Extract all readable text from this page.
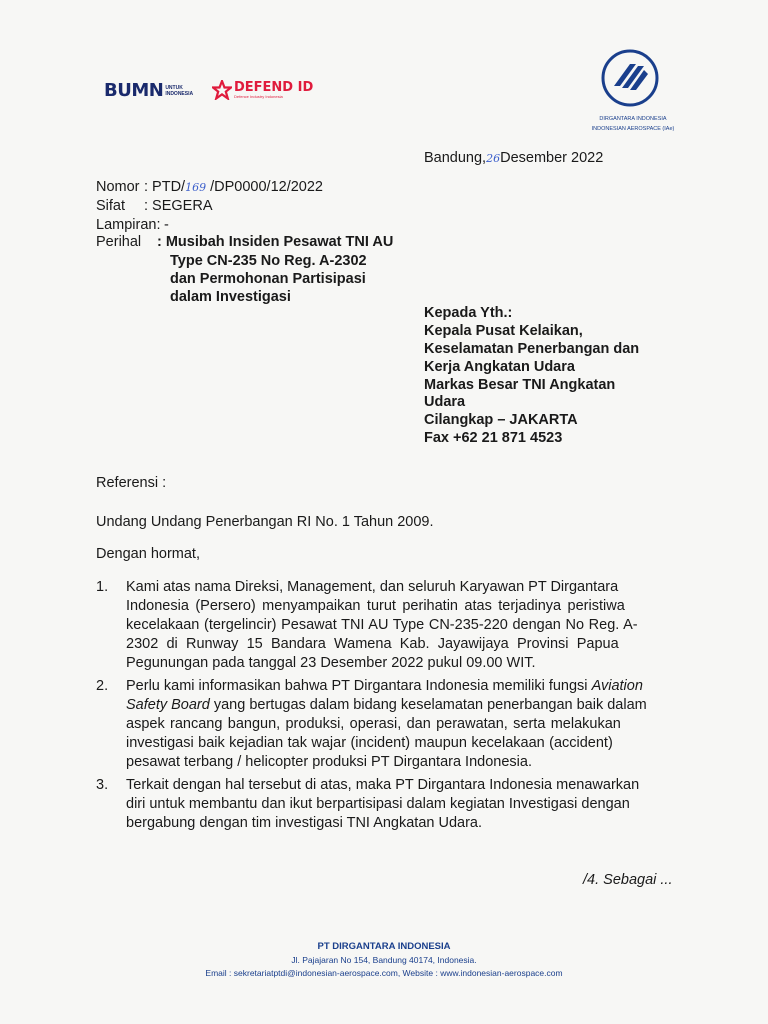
BUMN UNTUK INDONESIA	DEFEND ID
Defence Industry Indonesia
DIRGANTARA INDONESIA
INDONESIAN AEROSPACE (IAe)
Bandung,26Desember 2022
Nomor : PTD/169 /DP0000/12/2022
Sifat : SEGERA
Lampiran: -
Perihal : Musibah Insiden Pesawat TNI AU
Type CN-235 No Reg. A-2302
dan Permohonan Partisipasi
dalam Investigasi
Kepada Yth.:
Kepala Pusat Kelaikan,
Keselamatan Penerbangan dan
Kerja Angkatan Udara
Markas Besar TNI Angkatan
Udara
Cilangkap – JAKARTA
Fax +62 21 871 4523
Referensi :
Undang Undang Penerbangan RI No. 1 Tahun 2009.
Dengan hormat,
1. Kami atas nama Direksi, Management, dan seluruh Karyawan PT Dirgantara
Indonesia (Persero) menyampaikan turut perihatin atas terjadinya peristiwa
kecelakaan (tergelincir) Pesawat TNI AU Type CN-235-220 dengan No Reg. A-
2302 di Runway 15 Bandara Wamena Kab. Jayawijaya Provinsi Papua
Pegunungan pada tanggal 23 Desember 2022 pukul 09.00 WIT.
2. Perlu kami informasikan bahwa PT Dirgantara Indonesia memiliki fungsi Aviation
Safety Board yang bertugas dalam bidang keselamatan penerbangan baik dalam
aspek rancang bangun, produksi, operasi, dan perawatan, serta melakukan
investigasi baik kejadian tak wajar (incident) maupun kecelakaan (accident)
pesawat terbang / helicopter produksi PT Dirgantara Indonesia.
3. Terkait dengan hal tersebut di atas, maka PT Dirgantara Indonesia menawarkan
diri untuk membantu dan ikut berpartisipasi dalam kegiatan Investigasi dengan
bergabung dengan tim investigasi TNI Angkatan Udara.
/4. Sebagai ...
PT DIRGANTARA INDONESIA
Jl. Pajajaran No 154, Bandung 40174, Indonesia.
Email : sekretariatptdi@indonesian-aerospace.com, Website : www.indonesian-aerospace.com
